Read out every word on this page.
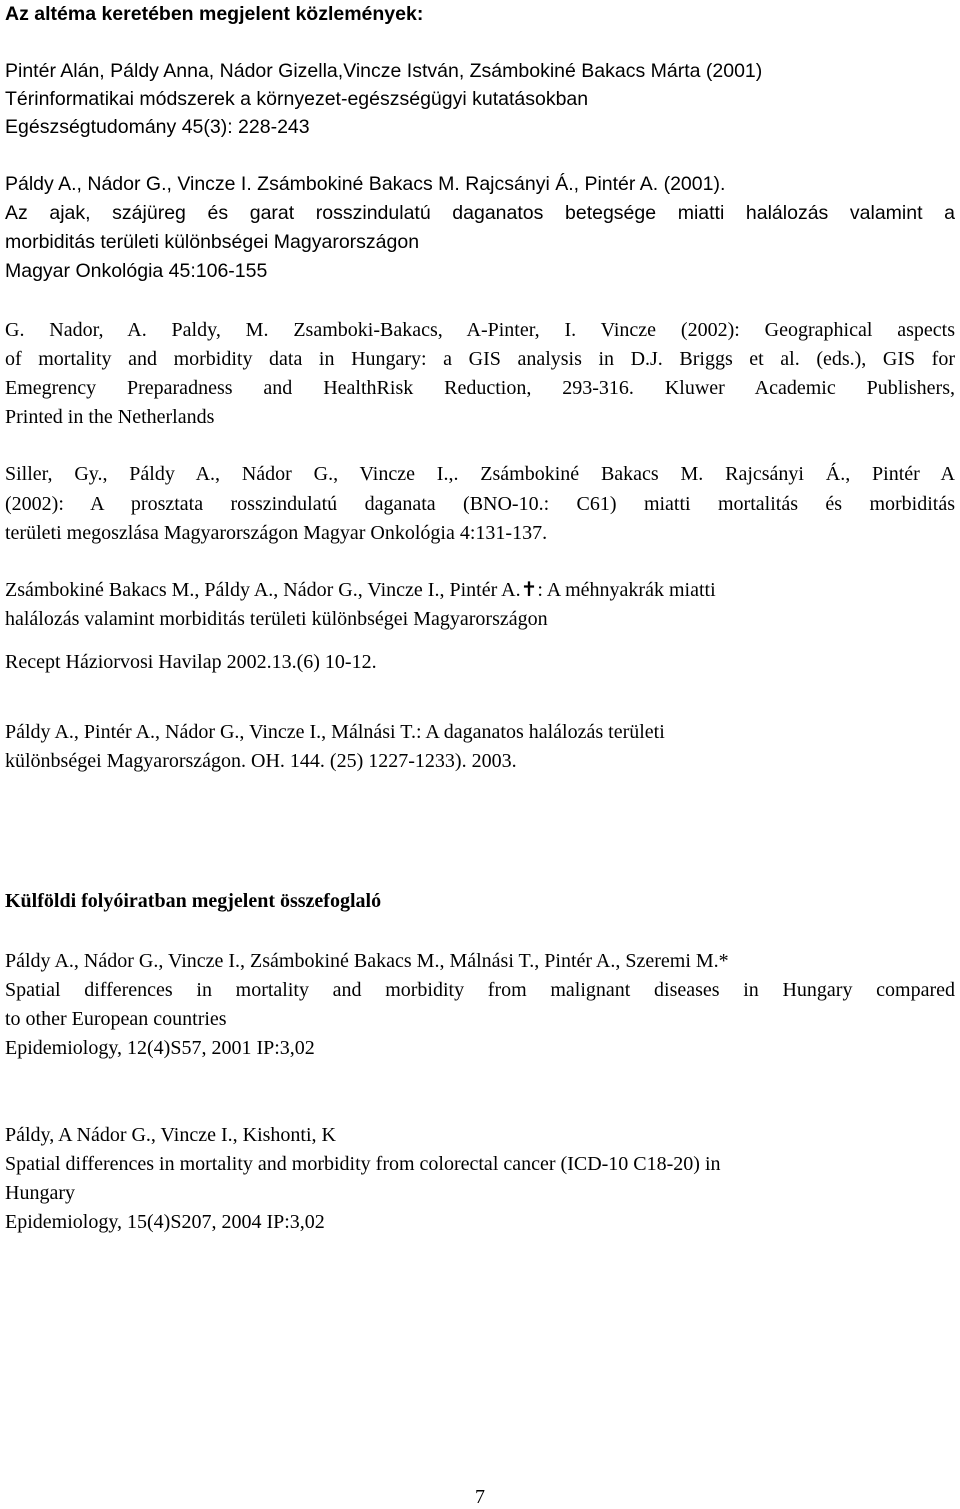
Az altéma keretében megjelent közlemények:
Pintér Alán, Páldy Anna, Nádor Gizella,Vincze István, Zsámbokiné Bakacs Márta (2001)
Térinformatikai módszerek a környezet-egészségügyi kutatásokban
Egészségtudomány 45(3): 228-243
Páldy A., Nádor G., Vincze I. Zsámbokiné Bakacs M. Rajcsányi Á., Pintér A. (2001).
Az ajak, szájüreg és garat rosszindulatú daganatos betegsége miatti halálozás valamint a
morbiditás területi különbségei Magyarországon
Magyar Onkológia 45:106-155
G. Nador, A. Paldy, M. Zsamboki-Bakacs, A-Pinter, I. Vincze (2002): Geographical aspects
of mortality and morbidity data in Hungary: a GIS analysis in D.J. Briggs et al. (eds.), GIS for
Emegrency Preparadness and HealthRisk Reduction, 293-316. Kluwer Academic Publishers,
Printed in the Netherlands
Siller, Gy., Páldy A., Nádor G., Vincze I.,. Zsámbokiné Bakacs M. Rajcsányi Á., Pintér A
(2002): A prosztata rosszindulatú daganata (BNO-10.: C61) miatti mortalitás és morbiditás
területi megoszlása Magyarországon Magyar Onkológia 4:131-137.
Zsámbokiné Bakacs M., Páldy A., Nádor G., Vincze I., Pintér A.✝: A méhnyakrák miatti
halálozás valamint morbiditás területi különbségei Magyarországon
Recept Háziorvosi Havilap 2002.13.(6) 10-12.
Páldy A., Pintér A., Nádor G., Vincze I., Málnási T.: A daganatos halálozás területi
különbségei Magyarországon. OH. 144. (25) 1227-1233). 2003.
Külföldi folyóiratban megjelent összefoglaló
Páldy A., Nádor G., Vincze I., Zsámbokiné Bakacs M., Málnási T., Pintér A., Szeremi M.*
Spatial differences in mortality and morbidity from malignant diseases in Hungary compared
to other European countries
Epidemiology, 12(4)S57, 2001 IP:3,02
Páldy, A Nádor G., Vincze I., Kishonti, K
Spatial differences in mortality and morbidity from colorectal cancer (ICD-10 C18-20) in
Hungary
Epidemiology, 15(4)S207, 2004 IP:3,02
7
